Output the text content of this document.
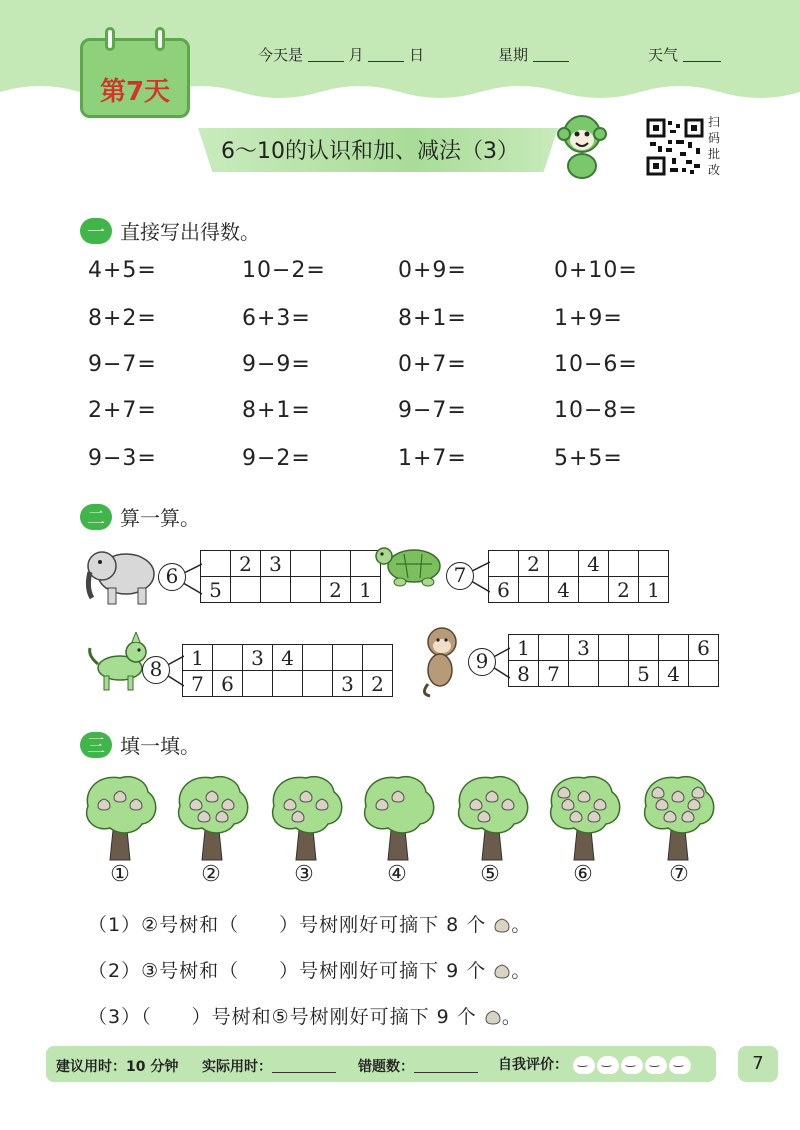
第7天
今天是	月	日	星期	天气
6～10的认识和加、减法（3）
扫
码
批
改
一 直接写出得数。
4+5=	10−2=	0+9=	0+10=
8+2=	6+3=	8+1=	1+9=
9−7=	9−9=	0+7=	10−6=
2+7=	8+1=	9−7=	10−8=
9−3=	9−2=	1+7=	5+5=
二 算一算。
	2	3			
5				2	1
6
	2		4		
6		4		2	1
7
1		3	4			
7	6				3	2
8
1		3				6
8	7			5	4	
9
三 填一填。
①	②	③	④	⑤	⑥	⑦
（1）②号树和（　　）号树刚好可摘下 8 个 。
（2）③号树和（　　）号树刚好可摘下 9 个 。
（3）（　　）号树和⑤号树刚好可摘下 9 个 。
建议用时：10 分钟 实际用时：	错题数：	自我评价： ‿ ‿ ‿ ‿ ‿	7
